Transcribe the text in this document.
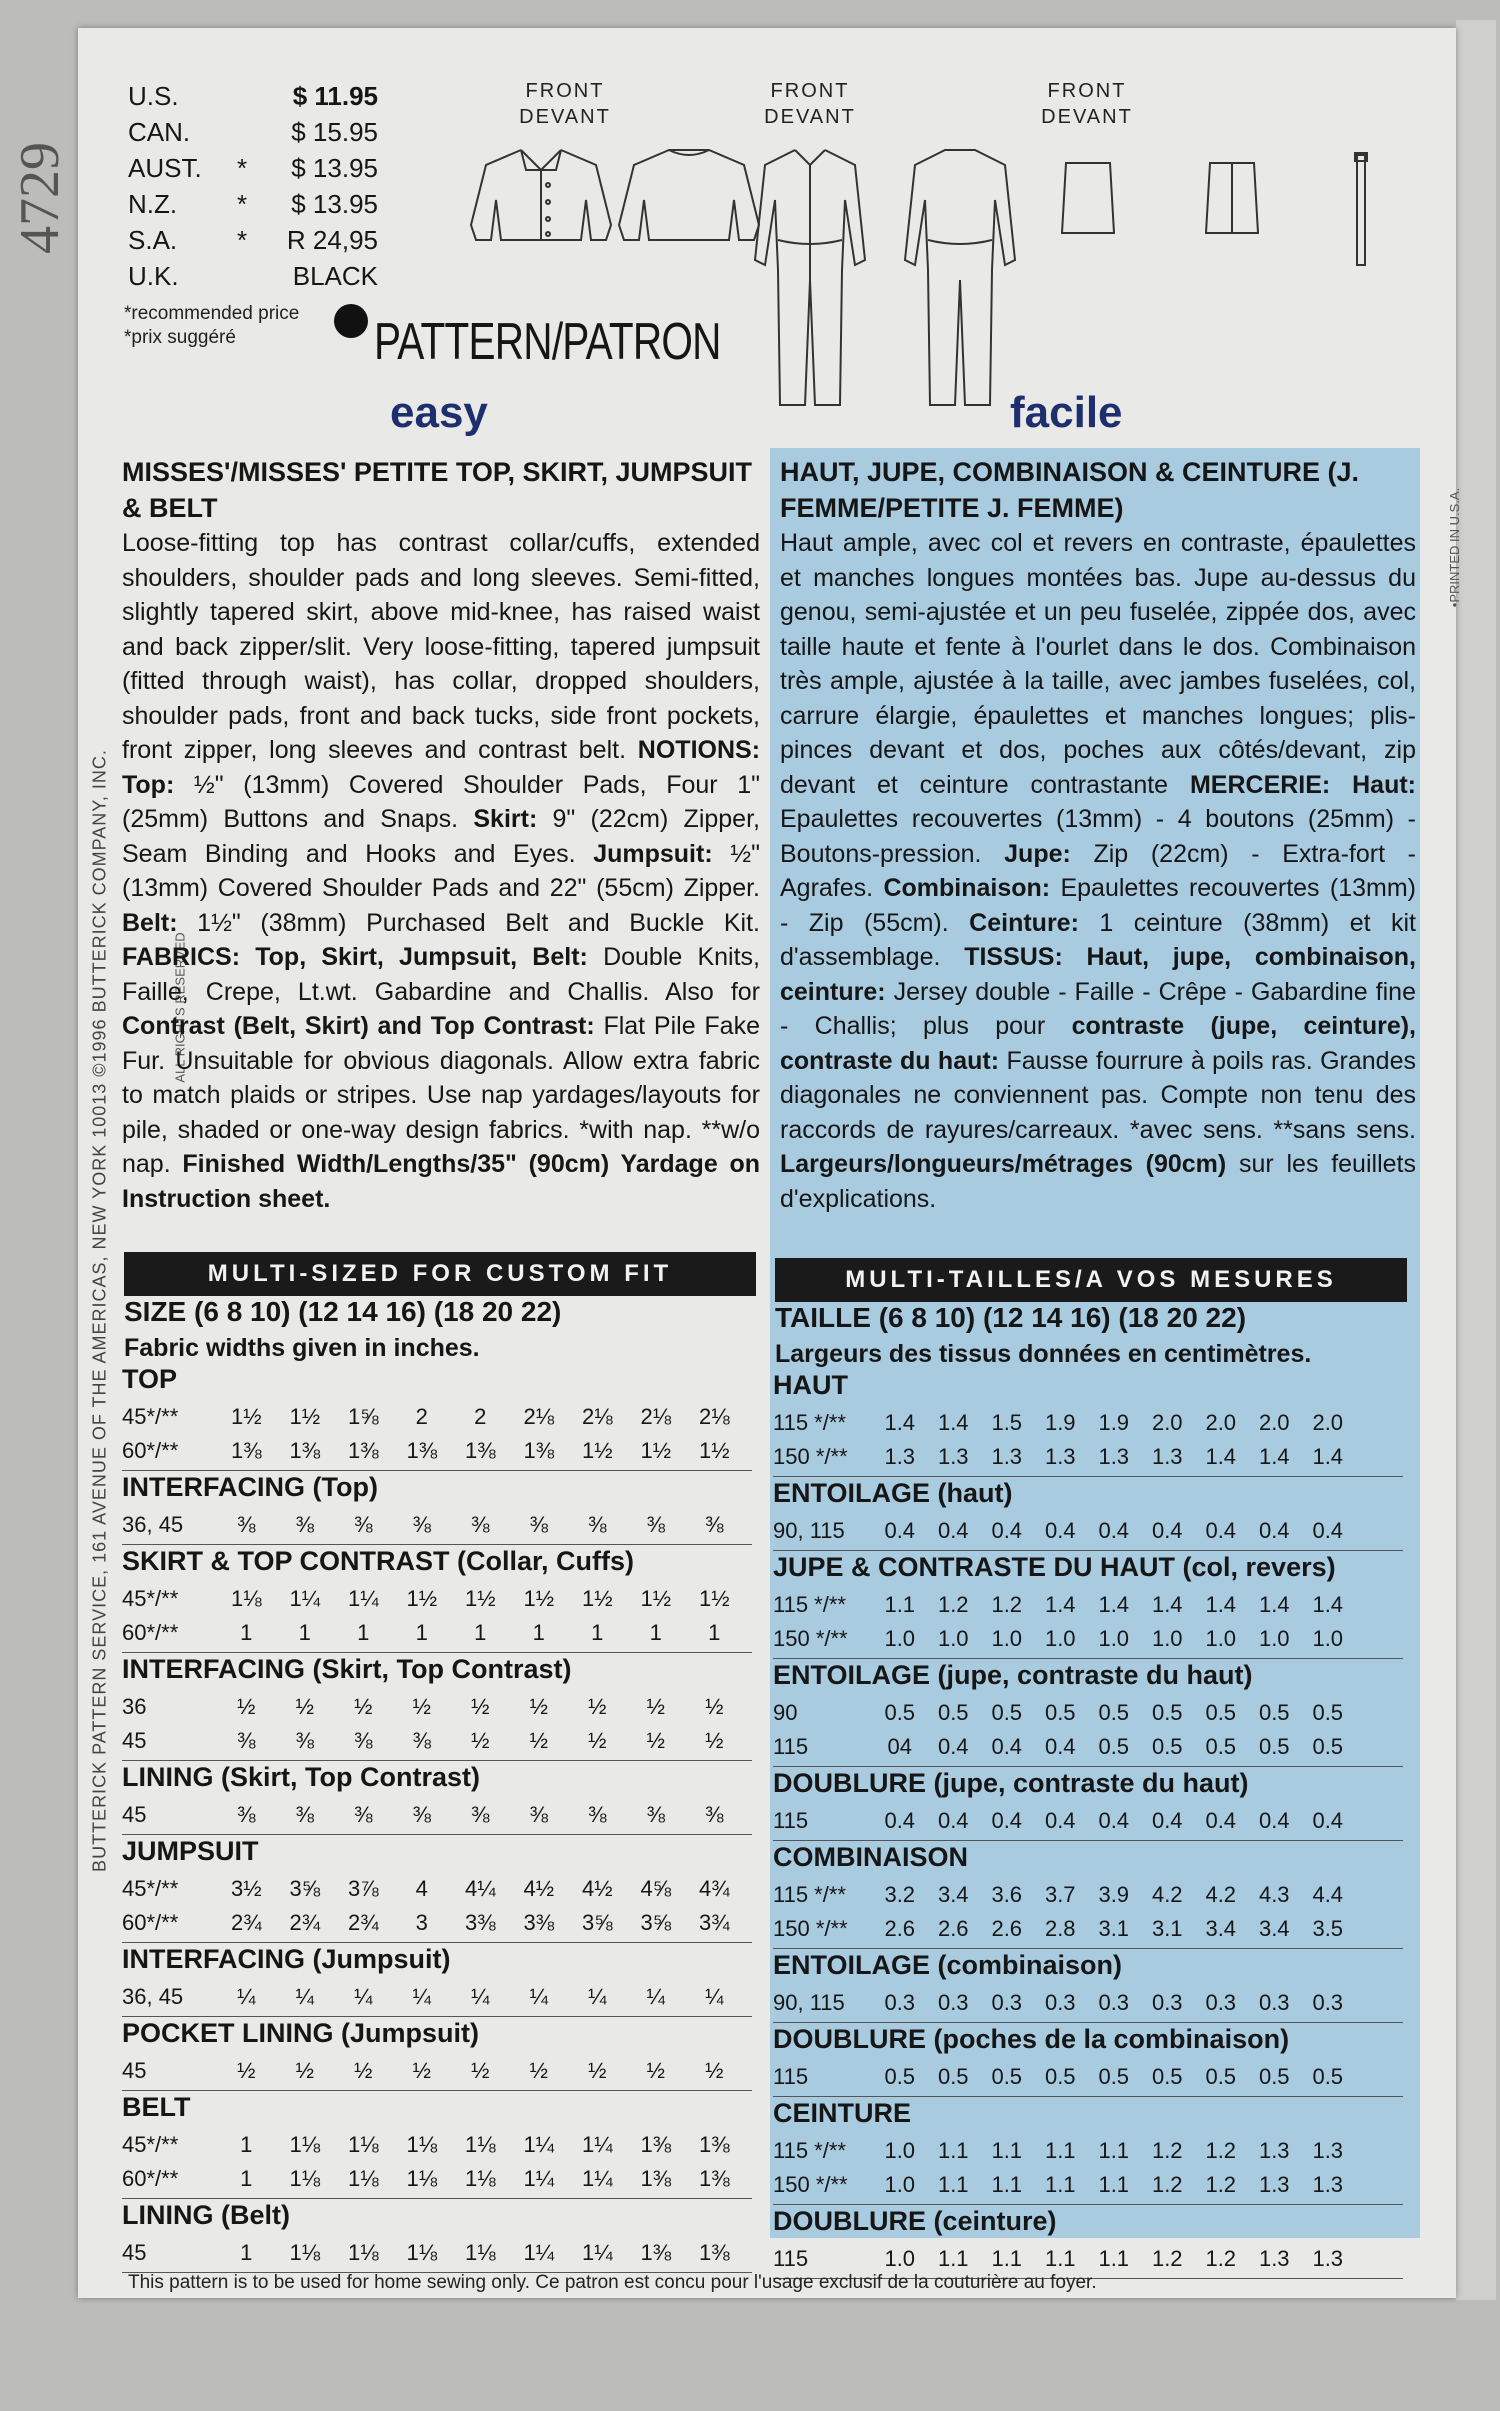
4729
BUTTERICK PATTERN SERVICE, 161 AVENUE OF THE AMERICAS, NEW YORK 10013 ©1996 BUTTERICK COMPANY, INC.	ALL RIGHTS RESERVED
•PRINTED IN U.S.A.
U.S.	$ 11.95
CAN.	$ 15.95
AUST.	*	$ 13.95
N.Z.	*	$ 13.95
S.A.	*	R 24,95
U.K.	BLACK
*recommended price
*prix suggéré	PATTERN/PATRON
easy
FRONT
DEVANT
FRONT
DEVANT
FRONT
DEVANT
facile
MISSES'/MISSES' PETITE TOP, SKIRT, JUMPSUIT & BELT

Loose-fitting top has contrast collar/cuffs, extended shoulders, shoulder pads and long sleeves. Semi-fitted, slightly tapered skirt, above mid-knee, has raised waist and back zipper/slit. Very loose-fitting, tapered jumpsuit (fitted through waist), has collar, dropped shoulders, shoulder pads, front and back tucks, side front pockets, front zipper, long sleeves and contrast belt. NOTIONS: Top: ½" (13mm) Covered Shoulder Pads, Four 1" (25mm) Buttons and Snaps. Skirt: 9" (22cm) Zipper, Seam Binding and Hooks and Eyes. Jumpsuit: ½" (13mm) Covered Shoulder Pads and 22" (55cm) Zipper. Belt: 1½" (38mm) Purchased Belt and Buckle Kit. FABRICS: Top, Skirt, Jumpsuit, Belt: Double Knits, Faille, Crepe, Lt.wt. Gabardine and Challis. Also for Contrast (Belt, Skirt) and Top Contrast: Flat Pile Fake Fur. Unsuitable for obvious diagonals. Allow extra fabric to match plaids or stripes. Use nap yardages/layouts for pile, shaded or one-way design fabrics. *with nap. **w/o nap. Finished Width/Lengths/35" (90cm) Yardage on Instruction sheet.

HAUT, JUPE, COMBINAISON & CEINTURE (J. FEMME/PETITE J. FEMME)

Haut ample, avec col et revers en contraste, épaulettes et manches longues montées bas. Jupe au-dessus du genou, semi-ajustée et un peu fuselée, zippée dos, avec taille haute et fente à l'ourlet dans le dos. Combinaison très ample, ajustée à la taille, avec jambes fuselées, col, carrure élargie, épaulettes et manches longues; plis-pinces devant et dos, poches aux côtés/devant, zip devant et ceinture contrastante MERCERIE: Haut: Epaulettes recouvertes (13mm) - 4 boutons (25mm) - Boutons-pression. Jupe: Zip (22cm) - Extra-fort - Agrafes. Combinaison: Epaulettes recouvertes (13mm) - Zip (55cm). Ceinture: 1 ceinture (38mm) et kit d'assemblage. TISSUS: Haut, jupe, combinaison, ceinture: Jersey double - Faille - Crêpe - Gabardine fine - Challis; plus pour contraste (jupe, ceinture), contraste du haut: Fausse fourrure à poils ras. Grandes diagonales ne conviennent pas. Compte non tenu des raccords de rayures/carreaux. *avec sens. **sans sens. Largeurs/longueurs/métrages (90cm) sur les feuillets d'explications.

MULTI-SIZED FOR CUSTOM FIT	MULTI-TAILLES/A VOS MESURES
SIZE (6 8 10) (12 14 16) (18 20 22)	TAILLE (6 8 10) (12 14 16) (18 20 22)
Fabric widths given in inches.	Largeurs des tissus données en centimètres.
TOP
45*/**	1½	1½	1⅝	2	2	2⅛	2⅛	2⅛	2⅛
60*/**	1⅜	1⅜	1⅜	1⅜	1⅜	1⅜	1½	1½	1½
INTERFACING (Top)
36, 45	⅜	⅜	⅜	⅜	⅜	⅜	⅜	⅜	⅜
SKIRT & TOP CONTRAST (Collar, Cuffs)
45*/**	1⅛	1¼	1¼	1½	1½	1½	1½	1½	1½
60*/**	1	1	1	1	1	1	1	1	1
INTERFACING (Skirt, Top Contrast)
36	½	½	½	½	½	½	½	½	½
45	⅜	⅜	⅜	⅜	½	½	½	½	½
LINING (Skirt, Top Contrast)
45	⅜	⅜	⅜	⅜	⅜	⅜	⅜	⅜	⅜
JUMPSUIT
45*/**	3½	3⅝	3⅞	4	4¼	4½	4½	4⅝	4¾
60*/**	2¾	2¾	2¾	3	3⅜	3⅜	3⅝	3⅝	3¾
INTERFACING (Jumpsuit)
36, 45	¼	¼	¼	¼	¼	¼	¼	¼	¼
POCKET LINING (Jumpsuit)
45	½	½	½	½	½	½	½	½	½
BELT
45*/**	1	1⅛	1⅛	1⅛	1⅛	1¼	1¼	1⅜	1⅜
60*/**	1	1⅛	1⅛	1⅛	1⅛	1¼	1¼	1⅜	1⅜
LINING (Belt)
45	1	1⅛	1⅛	1⅛	1⅛	1¼	1¼	1⅜	1⅜
HAUT
115 */**	1.4	1.4	1.5	1.9	1.9	2.0	2.0	2.0	2.0
150 */**	1.3	1.3	1.3	1.3	1.3	1.3	1.4	1.4	1.4
ENTOILAGE (haut)
90, 115	0.4	0.4	0.4	0.4	0.4	0.4	0.4	0.4	0.4
JUPE & CONTRASTE DU HAUT (col, revers)
115 */**	1.1	1.2	1.2	1.4	1.4	1.4	1.4	1.4	1.4
150 */**	1.0	1.0	1.0	1.0	1.0	1.0	1.0	1.0	1.0
ENTOILAGE (jupe, contraste du haut)
90	0.5	0.5	0.5	0.5	0.5	0.5	0.5	0.5	0.5
115	04	0.4	0.4	0.4	0.5	0.5	0.5	0.5	0.5
DOUBLURE (jupe, contraste du haut)
115	0.4	0.4	0.4	0.4	0.4	0.4	0.4	0.4	0.4
COMBINAISON
115 */**	3.2	3.4	3.6	3.7	3.9	4.2	4.2	4.3	4.4
150 */**	2.6	2.6	2.6	2.8	3.1	3.1	3.4	3.4	3.5
ENTOILAGE (combinaison)
90, 115	0.3	0.3	0.3	0.3	0.3	0.3	0.3	0.3	0.3
DOUBLURE (poches de la combinaison)
115	0.5	0.5	0.5	0.5	0.5	0.5	0.5	0.5	0.5
CEINTURE
115 */**	1.0	1.1	1.1	1.1	1.1	1.2	1.2	1.3	1.3
150 */**	1.0	1.1	1.1	1.1	1.1	1.2	1.2	1.3	1.3
DOUBLURE (ceinture)
115	1.0	1.1	1.1	1.1	1.1	1.2	1.2	1.3	1.3
This pattern is to be used for home sewing only. Ce patron est concu pour l'usage exclusif de la couturière au foyer.
